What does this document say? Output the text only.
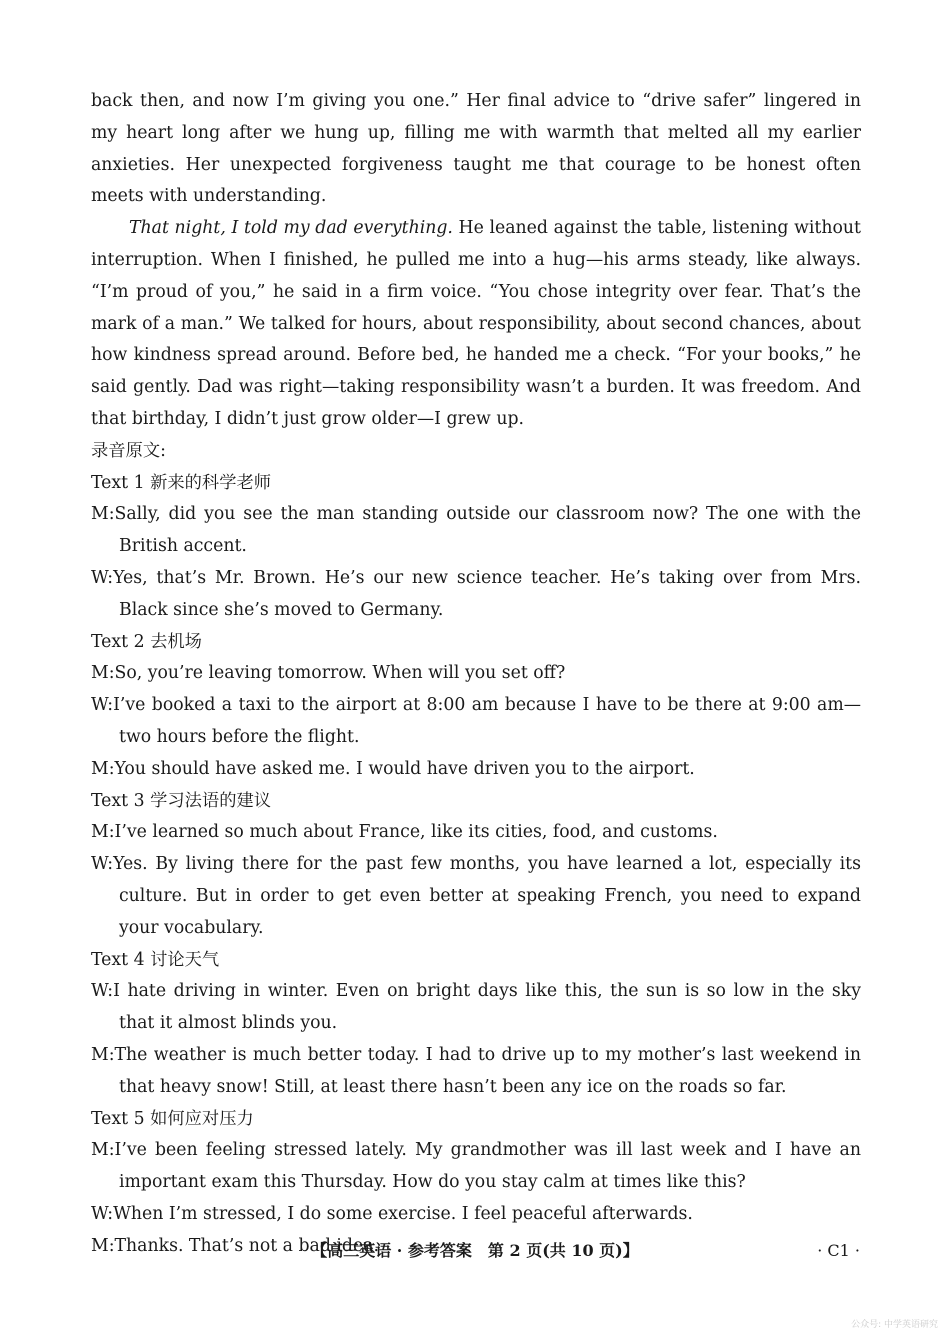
back then, and now I’m giving you one.” Her final advice to “drive safer” lingered in my heart long after we hung up, filling me with warmth that melted all my earlier anxieties. Her unexpected forgiveness taught me that courage to be honest often meets with understanding.

That night, I told my dad everything. He leaned against the table, listening without interruption. When I finished, he pulled me into a hug—his arms steady, like always. “I’m proud of you,” he said in a firm voice. “You chose integrity over fear. That’s the mark of a man.” We talked for hours, about responsibility, about second chances, about how kindness spread around. Before bed, he handed me a check. “For your books,” he said gently. Dad was right—taking responsibility wasn’t a burden. It was freedom. And that birthday, I didn’t just grow older—I grew up.

录音原文:

Text 1 新来的科学老师

M:Sally, did you see the man standing outside our classroom now? The one with the British accent.

W:Yes, that’s Mr. Brown. He’s our new science teacher. He’s taking over from Mrs. Black since she’s moved to Germany.

Text 2 去机场

M:So, you’re leaving tomorrow. When will you set off?

W:I’ve booked a taxi to the airport at 8:00 am because I have to be there at 9:00 am—two hours before the flight.

M:You should have asked me. I would have driven you to the airport.

Text 3 学习法语的建议

M:I’ve learned so much about France, like its cities, food, and customs.

W:Yes. By living there for the past few months, you have learned a lot, especially its culture. But in order to get even better at speaking French, you need to expand your vocabulary.

Text 4 讨论天气

W:I hate driving in winter. Even on bright days like this, the sun is so low in the sky that it almost blinds you.

M:The weather is much better today. I had to drive up to my mother’s last weekend in that heavy snow! Still, at least there hasn’t been any ice on the roads so far.

Text 5 如何应对压力

M:I’ve been feeling stressed lately. My grandmother was ill last week and I have an important exam this Thursday. How do you stay calm at times like this?

W:When I’m stressed, I do some exercise. I feel peaceful afterwards.

M:Thanks. That’s not a bad idea.

【高三英语 · 参考答案　第 2 页(共 10 页)】	· C1 ·
公众号: 中学英语研究
